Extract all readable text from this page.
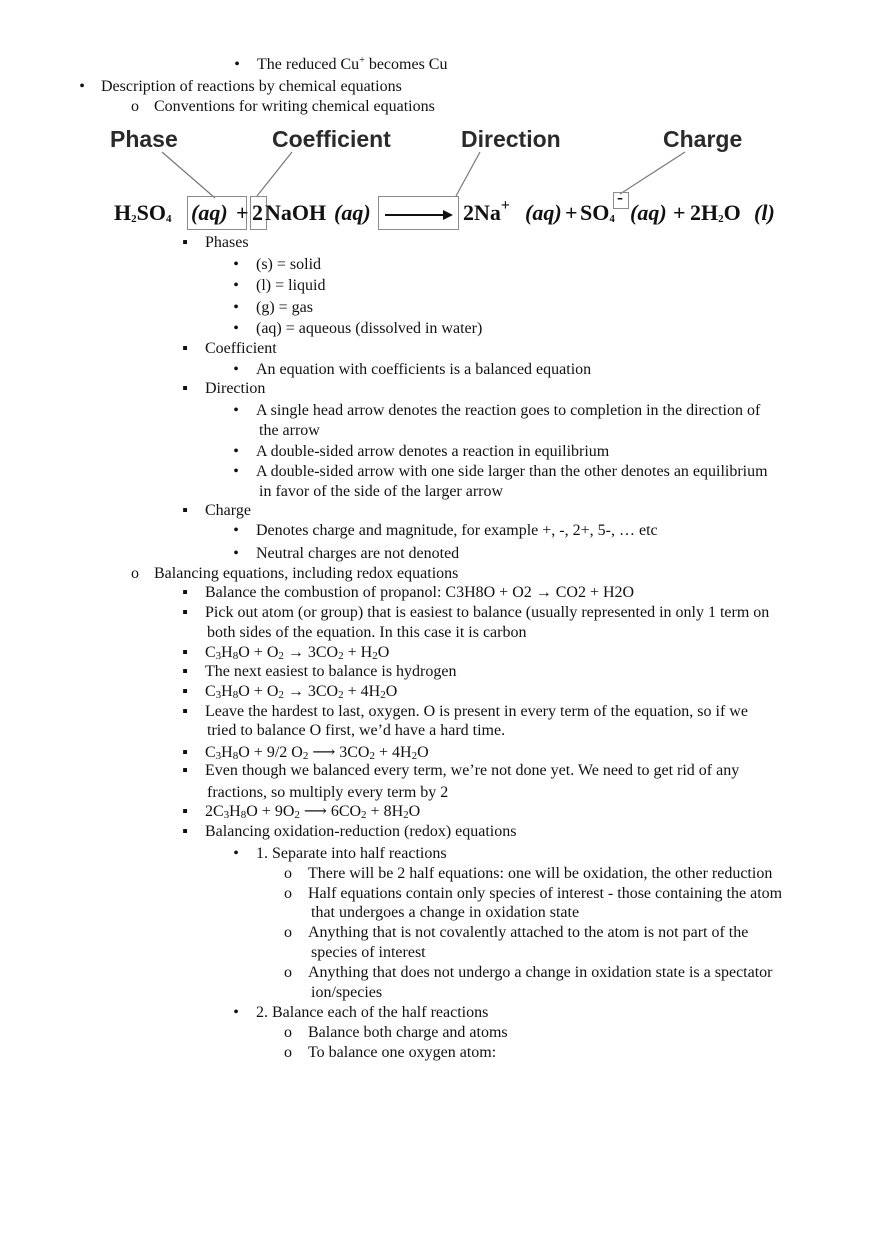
• The reduced Cu+ becomes Cu
• Description of reactions by chemical equations
o Conventions for writing chemical equations
Phase	Coefficient	Direction	Charge
$H_2SO_4$ (aq) + 2 NaOH (aq)	2Na+ $(aq) + SO_4$
-
$(aq) + 2H_2O$ (l)
▪ Phases
• (s) = solid
• (l) = liquid
• (g) = gas
• (aq) = aqueous (dissolved in water)
▪ Coefficient
• An equation with coefficients is a balanced equation
▪ Direction
• A single head arrow denotes the reaction goes to completion in the direction of
the arrow
• A double-sided arrow denotes a reaction in equilibrium
• A double-sided arrow with one side larger than the other denotes an equilibrium
in favor of the side of the larger arrow
▪ Charge
• Denotes charge and magnitude, for example +, -, 2+, 5-, … etc
• Neutral charges are not denoted
o Balancing equations, including redox equations
▪ Balance the combustion of propanol: C3H8O + O2 → CO2 + H2O
▪ Pick out atom (or group) that is easiest to balance (usually represented in only 1 term on
both sides of the equation. In this case it is carbon
▪ $C_3H_8O + O_2 \to 3CO_2 + H_2O$
▪ The next easiest to balance is hydrogen
▪ $C_3H_8O + O_2 \to 3CO_2 + 4H_2O$
▪ Leave the hardest to last, oxygen. O is present in every term of the equation, so if we
tried to balance O first, we’d have a hard time.
▪ $C_3H_8O + 9/2$ $O_2$ ⟶ $3CO_2 + 4H_2O$
▪ Even though we balanced every term, we’re not done yet. We need to get rid of any
fractions, so multiply every term by 2
▪ $2C_3H_8O + 9O_2$ ⟶ $6CO_2 + 8H_2O$
▪ Balancing oxidation-reduction (redox) equations
• 1. Separate into half reactions
o There will be 2 half equations: one will be oxidation, the other reduction
o Half equations contain only species of interest - those containing the atom
that undergoes a change in oxidation state
o Anything that is not covalently attached to the atom is not part of the
species of interest
o Anything that does not undergo a change in oxidation state is a spectator
ion/species
• 2. Balance each of the half reactions
o Balance both charge and atoms
o To balance one oxygen atom:
